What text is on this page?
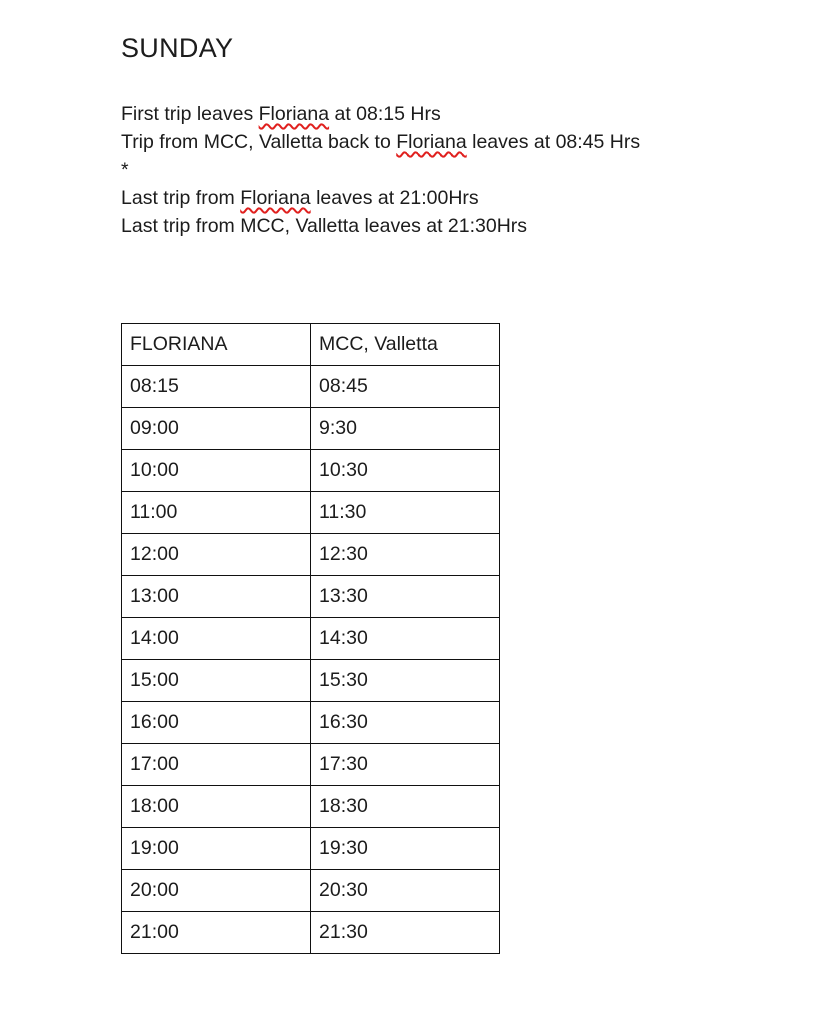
SUNDAY
First trip leaves Floriana at 08:15 Hrs
Trip from MCC, Valletta back to Floriana leaves at 08:45 Hrs
*
Last trip from Floriana leaves at 21:00Hrs
Last trip from MCC, Valletta leaves at 21:30Hrs
FLORIANA	MCC, Valletta
08:15	08:45
09:00	9:30
10:00	10:30
11:00	11:30
12:00	12:30
13:00	13:30
14:00	14:30
15:00	15:30
16:00	16:30
17:00	17:30
18:00	18:30
19:00	19:30
20:00	20:30
21:00	21:30
